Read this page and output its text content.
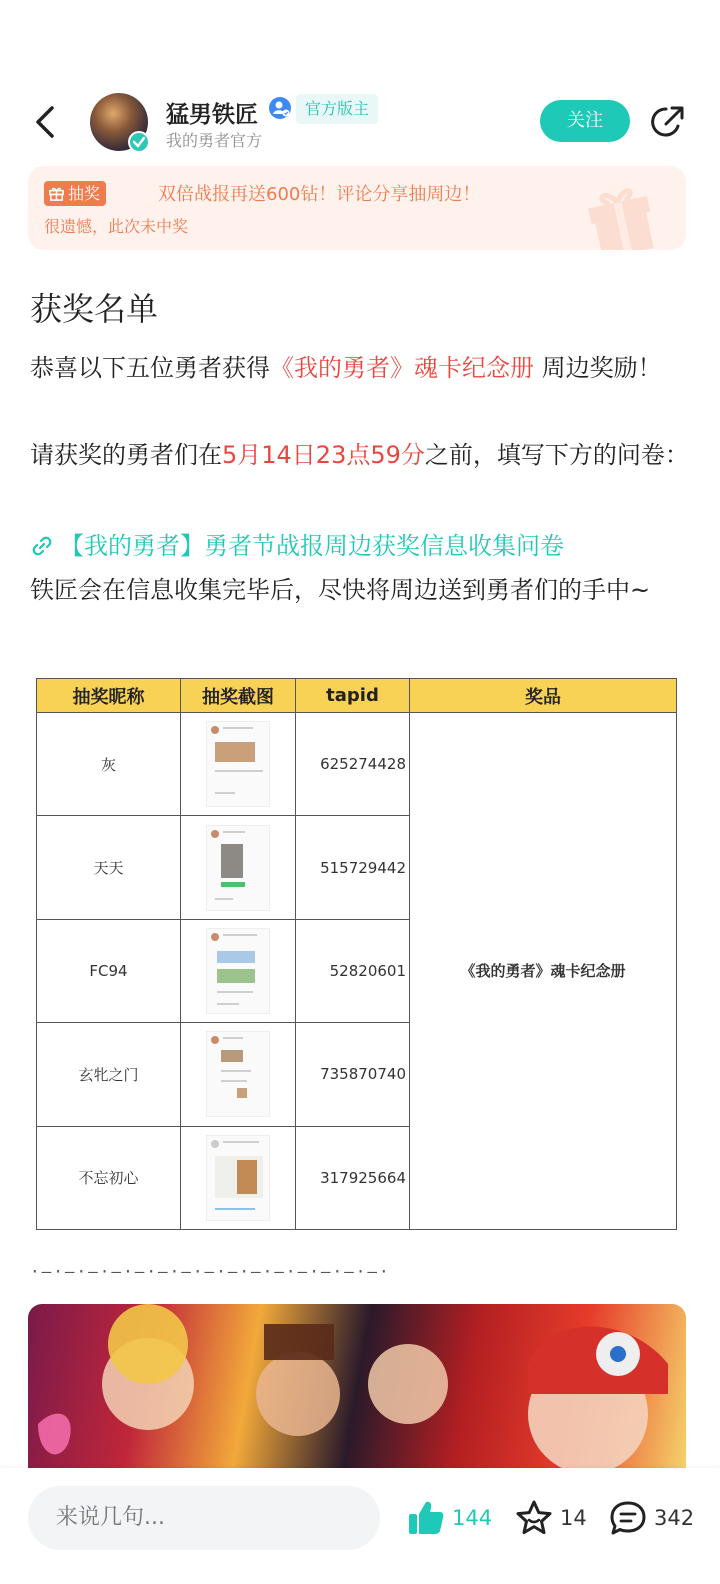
猛男铁匠	官方版主
我的勇者官方
关注
抽奖	双倍战报再送600钻！评论分享抽周边！
很遗憾，此次未中奖
获奖名单
恭喜以下五位勇者获得《我的勇者》魂卡纪念册 周边奖励！
请获奖的勇者们在5月14日23点59分之前，填写下方的问卷：
【我的勇者】勇者节战报周边获奖信息收集问卷
铁匠会在信息收集完毕后，尽快将周边送到勇者们的手中~
抽奖昵称	抽奖截图	tapid	奖品
灰		625274428	《我的勇者》魂卡纪念册
天天		515729442	
FC94		52820601	
玄牝之门		735870740	
不忘初心		317925664	
·—·—·—·—·—·—·—·—·—·—·—·—·—·—·—·
来说几句...	144	14	342
